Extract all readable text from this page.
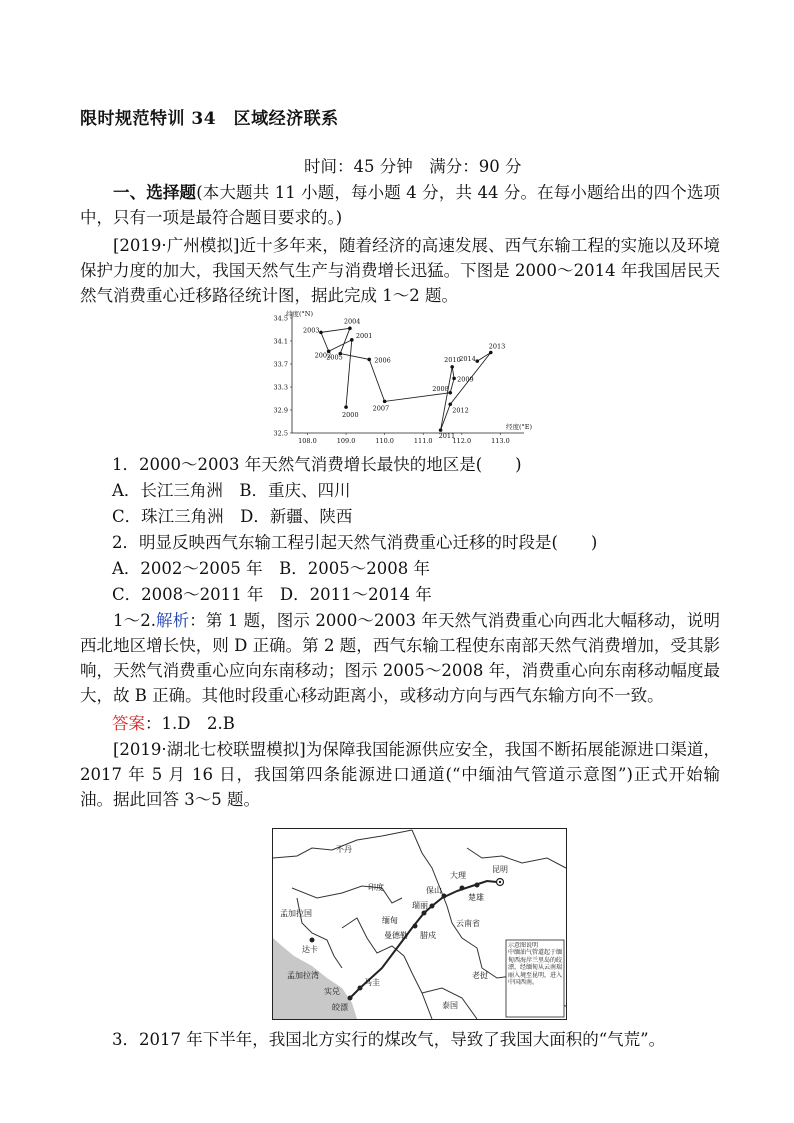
限时规范特训 34　区域经济联系
时间：45 分钟　满分：90 分
一、选择题(本大题共 11 小题，每小题 4 分，共 44 分。在每小题给出的四个选项中，只有一项是最符合题目要求的。)
[2019·广州模拟]近十多年来，随着经济的高速发展、西气东输工程的实施以及环境保护力度的加大，我国天然气生产与消费增长迅猛。下图是 2000～2014 年我国居民天然气消费重心迁移路径统计图，据此完成 1～2 题。
纬度(°N)
经度(°E)
108.0	109.0	110.0	111.0	112.0	113.0
34.5
34.1
33.7
33.3
32.9
32.5
2000
2001
2002
2003
2004
2005	2006
2007
2008
2009
2010
2011
2012
2013
2014
1．2000～2003 年天然气消费增长最快的地区是(　　)
A．长江三角洲　B．重庆、四川
C．珠江三角洲　D．新疆、陕西
2．明显反映西气东输工程引起天然气消费重心迁移的时段是(　　)
A．2002～2005 年　B．2005～2008 年
C．2008～2011 年　D．2011～2014 年
1～2.解析：第 1 题，图示 2000～2003 年天然气消费重心向西北大幅移动，说明西北地区增长快，则 D 正确。第 2 题，西气东输工程使东南部天然气消费增加，受其影响，天然气消费重心应向东南移动；图示 2005～2008 年，消费重心向东南移动幅度最大，故 B 正确。其他时段重心移动距离小，或移动方向与西气东输方向不一致。
答案：1.D　2.B
[2019·湖北七校联盟模拟]为保障我国能源供应安全，我国不断拓展能源进口渠道，2017 年 5 月 16 日，我国第四条能源进口通道(“中缅油气管道示意图”)正式开始输油。据此回答 3～5 题。
不丹
印度
孟加拉国
达卡
孟加拉湾
缅甸
实兑
皎漂
马圭
曼德勒 腊戍
瑞丽
保山
大理
楚雄
昆明
云南省
老挝
泰国
示意图说明
中缅油气管道起于缅甸西海岸兰里岛的皎漂，经缅甸从云南瑞丽入境至昆明，进入中国西南。
3．2017 年下半年，我国北方实行的煤改气，导致了我国大面积的“气荒”。
